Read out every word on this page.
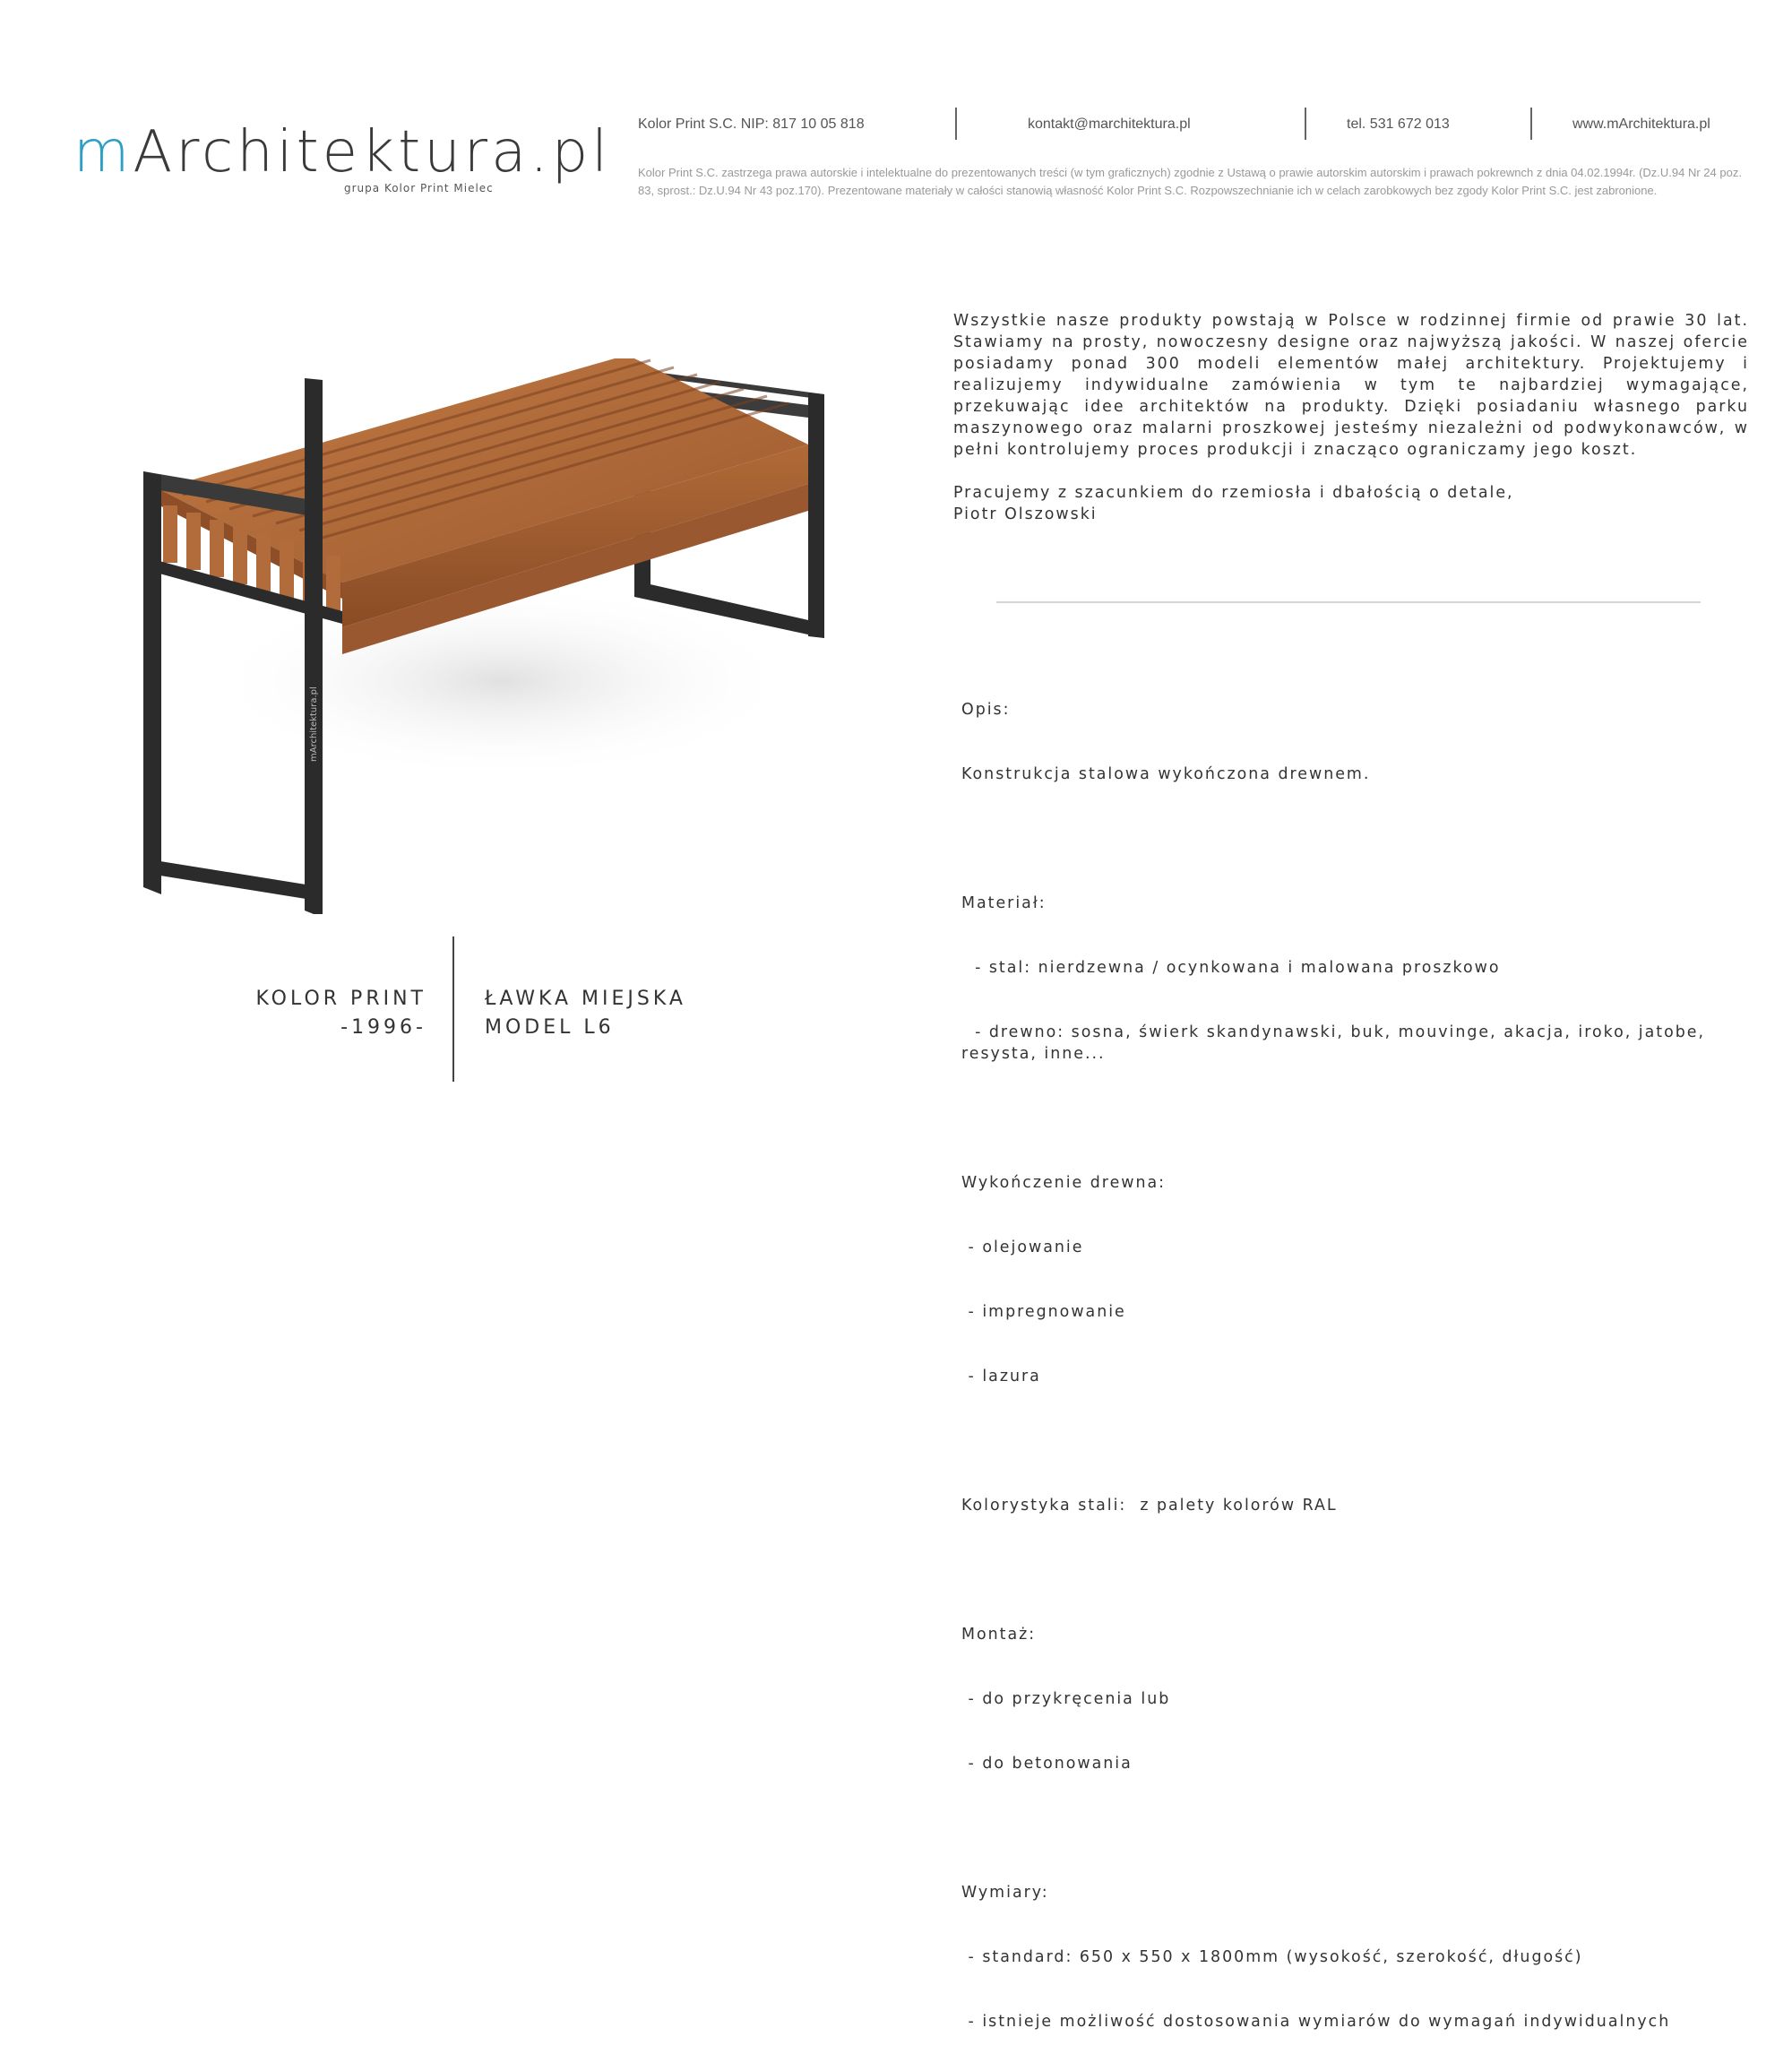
mArchitektura.pl
grupa Kolor Print Mielec
Kolor Print S.C. NIP: 817 10 05 818	kontakt@marchitektura.pl	tel. 531 672 013	www.mArchitektura.pl
Kolor Print S.C. zastrzega prawa autorskie i intelektualne do prezentowanych treści (w tym graficznych) zgodnie z Ustawą o prawie autorskim autorskim i prawach pokrewnch z dnia 04.02.1994r. (Dz.U.94 Nr 24 poz. 83, sprost.: Dz.U.94 Nr 43 poz.170). Prezentowane materiały w całości stanowią własność Kolor Print S.C. Rozpowszechnianie ich w celach zarobkowych bez zgody Kolor Print S.C. jest zabronione.
mArchitektura.pl
KOLOR PRINT
-1996-
ŁAWKA MIEJSKA
MODEL L6

Wszystkie nasze produkty powstają w Polsce w rodzinnej firmie od prawie 30 lat. Stawiamy na prosty, nowoczesny designe oraz najwyższą jakości. W naszej ofercie posiadamy ponad 300 modeli elementów małej architektury. Projektujemy i realizujemy indywidualne zamówienia w tym te najbardziej wymagające, przekuwając idee architektów na produkty. Dzięki posiadaniu własnego parku maszynowego oraz malarni proszkowej jesteśmy niezależni od podwykonawców, w pełni kontrolujemy proces produkcji i znacząco ograniczamy jego koszt.

Pracujemy z szacunkiem do rzemiosła i dbałością o detale,

Piotr Olszowski

Opis:

Konstrukcja stalowa wykończona drewnem.

Materiał:

- stal: nierdzewna / ocynkowana i malowana proszkowo

- drewno: sosna, świerk skandynawski, buk, mouvinge, akacja, iroko, jatobe, resysta, inne...

Wykończenie drewna:

- olejowanie

- impregnowanie

- lazura

Kolorystyka stali:  z palety kolorów RAL

Montaż:

- do przykręcenia lub

- do betonowania

Wymiary:

- standard: 650 x 550 x 1800mm (wysokość, szerokość, długość)

- istnieje możliwość dostosowania wymiarów do wymagań indywidualnych
